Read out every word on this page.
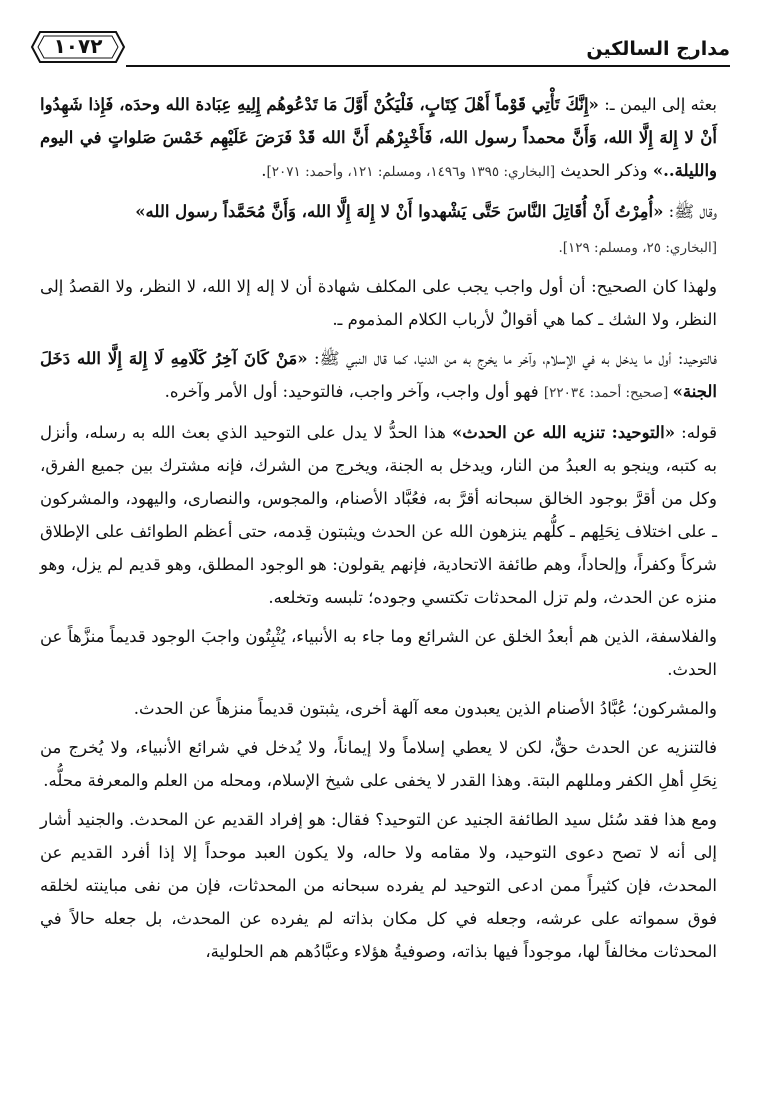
مدارج السالكين
١٠٧٢

بعثه إلى اليمن ـ: «إِنَّكَ تَأْتِي قَوْماً أَهْلَ كِتَابٍ، فَلْيَكُنْ أَوَّلَ مَا تَدْعُوهُم إِلِيهِ عِبَادة الله وحدَه، فَإِذا شَهِدُوا أَنْ لا إِلهَ إِلَّا الله، وَأَنَّ محمداً رسول الله، فَأَخْبِرْهُم أَنَّ الله قَدْ فَرَضَ عَلَيْهِم خَمْسَ صَلواتٍ في اليوم والليلة..» وذكر الحديث [البخاري: ١٣٩٥ و١٤٩٦، ومسلم: ١٢١، وأحمد: ٢٠٧١].

وقال ﷺ: «أُمِرْتُ أَنْ أُقَاتِلَ النَّاسَ حَتَّى يَشْهدوا أَنْ لا إِلهَ إِلَّا الله، وَأَنَّ مُحَمَّداً رسول الله»

[البخاري: ٢٥، ومسلم: ١٢٩].

ولهذا كان الصحيح: أن أول واجب يجب على المكلف شهادة أن لا إله إلا الله، لا النظر، ولا القصدُ إلى النظر، ولا الشك ـ كما هي أقوالٌ لأرباب الكلام المذموم ـ.

فالتوحيد: أول ما يدخل به في الإسلام، وآخر ما يخرج به من الدنيا، كما قال النبي ﷺ: «مَنْ كَانَ آخِرُ كَلَامِهِ لَا إِلهَ إِلَّا الله دَخَلَ الجنة» [صحيح: أحمد: ٢٢٠٣٤] فهو أول واجب، وآخر واجب، فالتوحيد: أول الأمر وآخره.

قوله: «التوحيد: تنزيه الله عن الحدث» هذا الحدُّ لا يدل على التوحيد الذي بعث الله به رسله، وأنزل به كتبه، وينجو به العبدُ من النار، ويدخل به الجنة، ويخرج من الشرك، فإنه مشترك بين جميع الفرق، وكل من أقرَّ بوجود الخالق سبحانه أقرَّ به، فعُبَّاد الأصنام، والمجوس، والنصارى، واليهود، والمشركون ـ على اختلاف نِحَلِهم ـ كلُّهم ينزهون الله عن الحدث ويثبتون قِدمه، حتى أعظم الطوائف على الإطلاق شركاً وكفراً، وإلحاداً، وهم طائفة الاتحادية، فإنهم يقولون: هو الوجود المطلق، وهو قديم لم يزل، وهو منزه عن الحدث، ولم تزل المحدثات تكتسي وجوده؛ تلبسه وتخلعه.

والفلاسفة، الذين هم أبعدُ الخلق عن الشرائع وما جاء به الأنبياء، يُثْبِتُون واجبَ الوجود قديماً منزَّهاً عن الحدث.

والمشركون؛ عُبَّادُ الأصنام الذين يعبدون معه آلهة أخرى، يثبتون قديماً منزهاً عن الحدث.

فالتنزيه عن الحدث حقٌّ، لكن لا يعطي إسلاماً ولا إيماناً، ولا يُدخل في شرائع الأنبياء، ولا يُخرج من نِحَلِ أهلِ الكفر ومللهم البتة. وهذا القدر لا يخفى على شيخ الإسلام، ومحله من العلم والمعرفة محلُّه.

ومع هذا فقد سُئل سيد الطائفة الجنيد عن التوحيد؟ فقال: هو إفراد القديم عن المحدث. والجنيد أشار إلى أنه لا تصح دعوى التوحيد، ولا مقامه ولا حاله، ولا يكون العبد موحداً إلا إذا أفرد القديم عن المحدث، فإن كثيراً ممن ادعى التوحيد لم يفرده سبحانه من المحدثات، فإن من نفى مباينته لخلقه فوق سمواته على عرشه، وجعله في كل مكان بذاته لم يفرده عن المحدث، بل جعله حالاً في المحدثات مخالفاً لها، موجوداً فيها بذاته، وصوفيةُ هؤلاء وعبَّادُهم هم الحلولية،
